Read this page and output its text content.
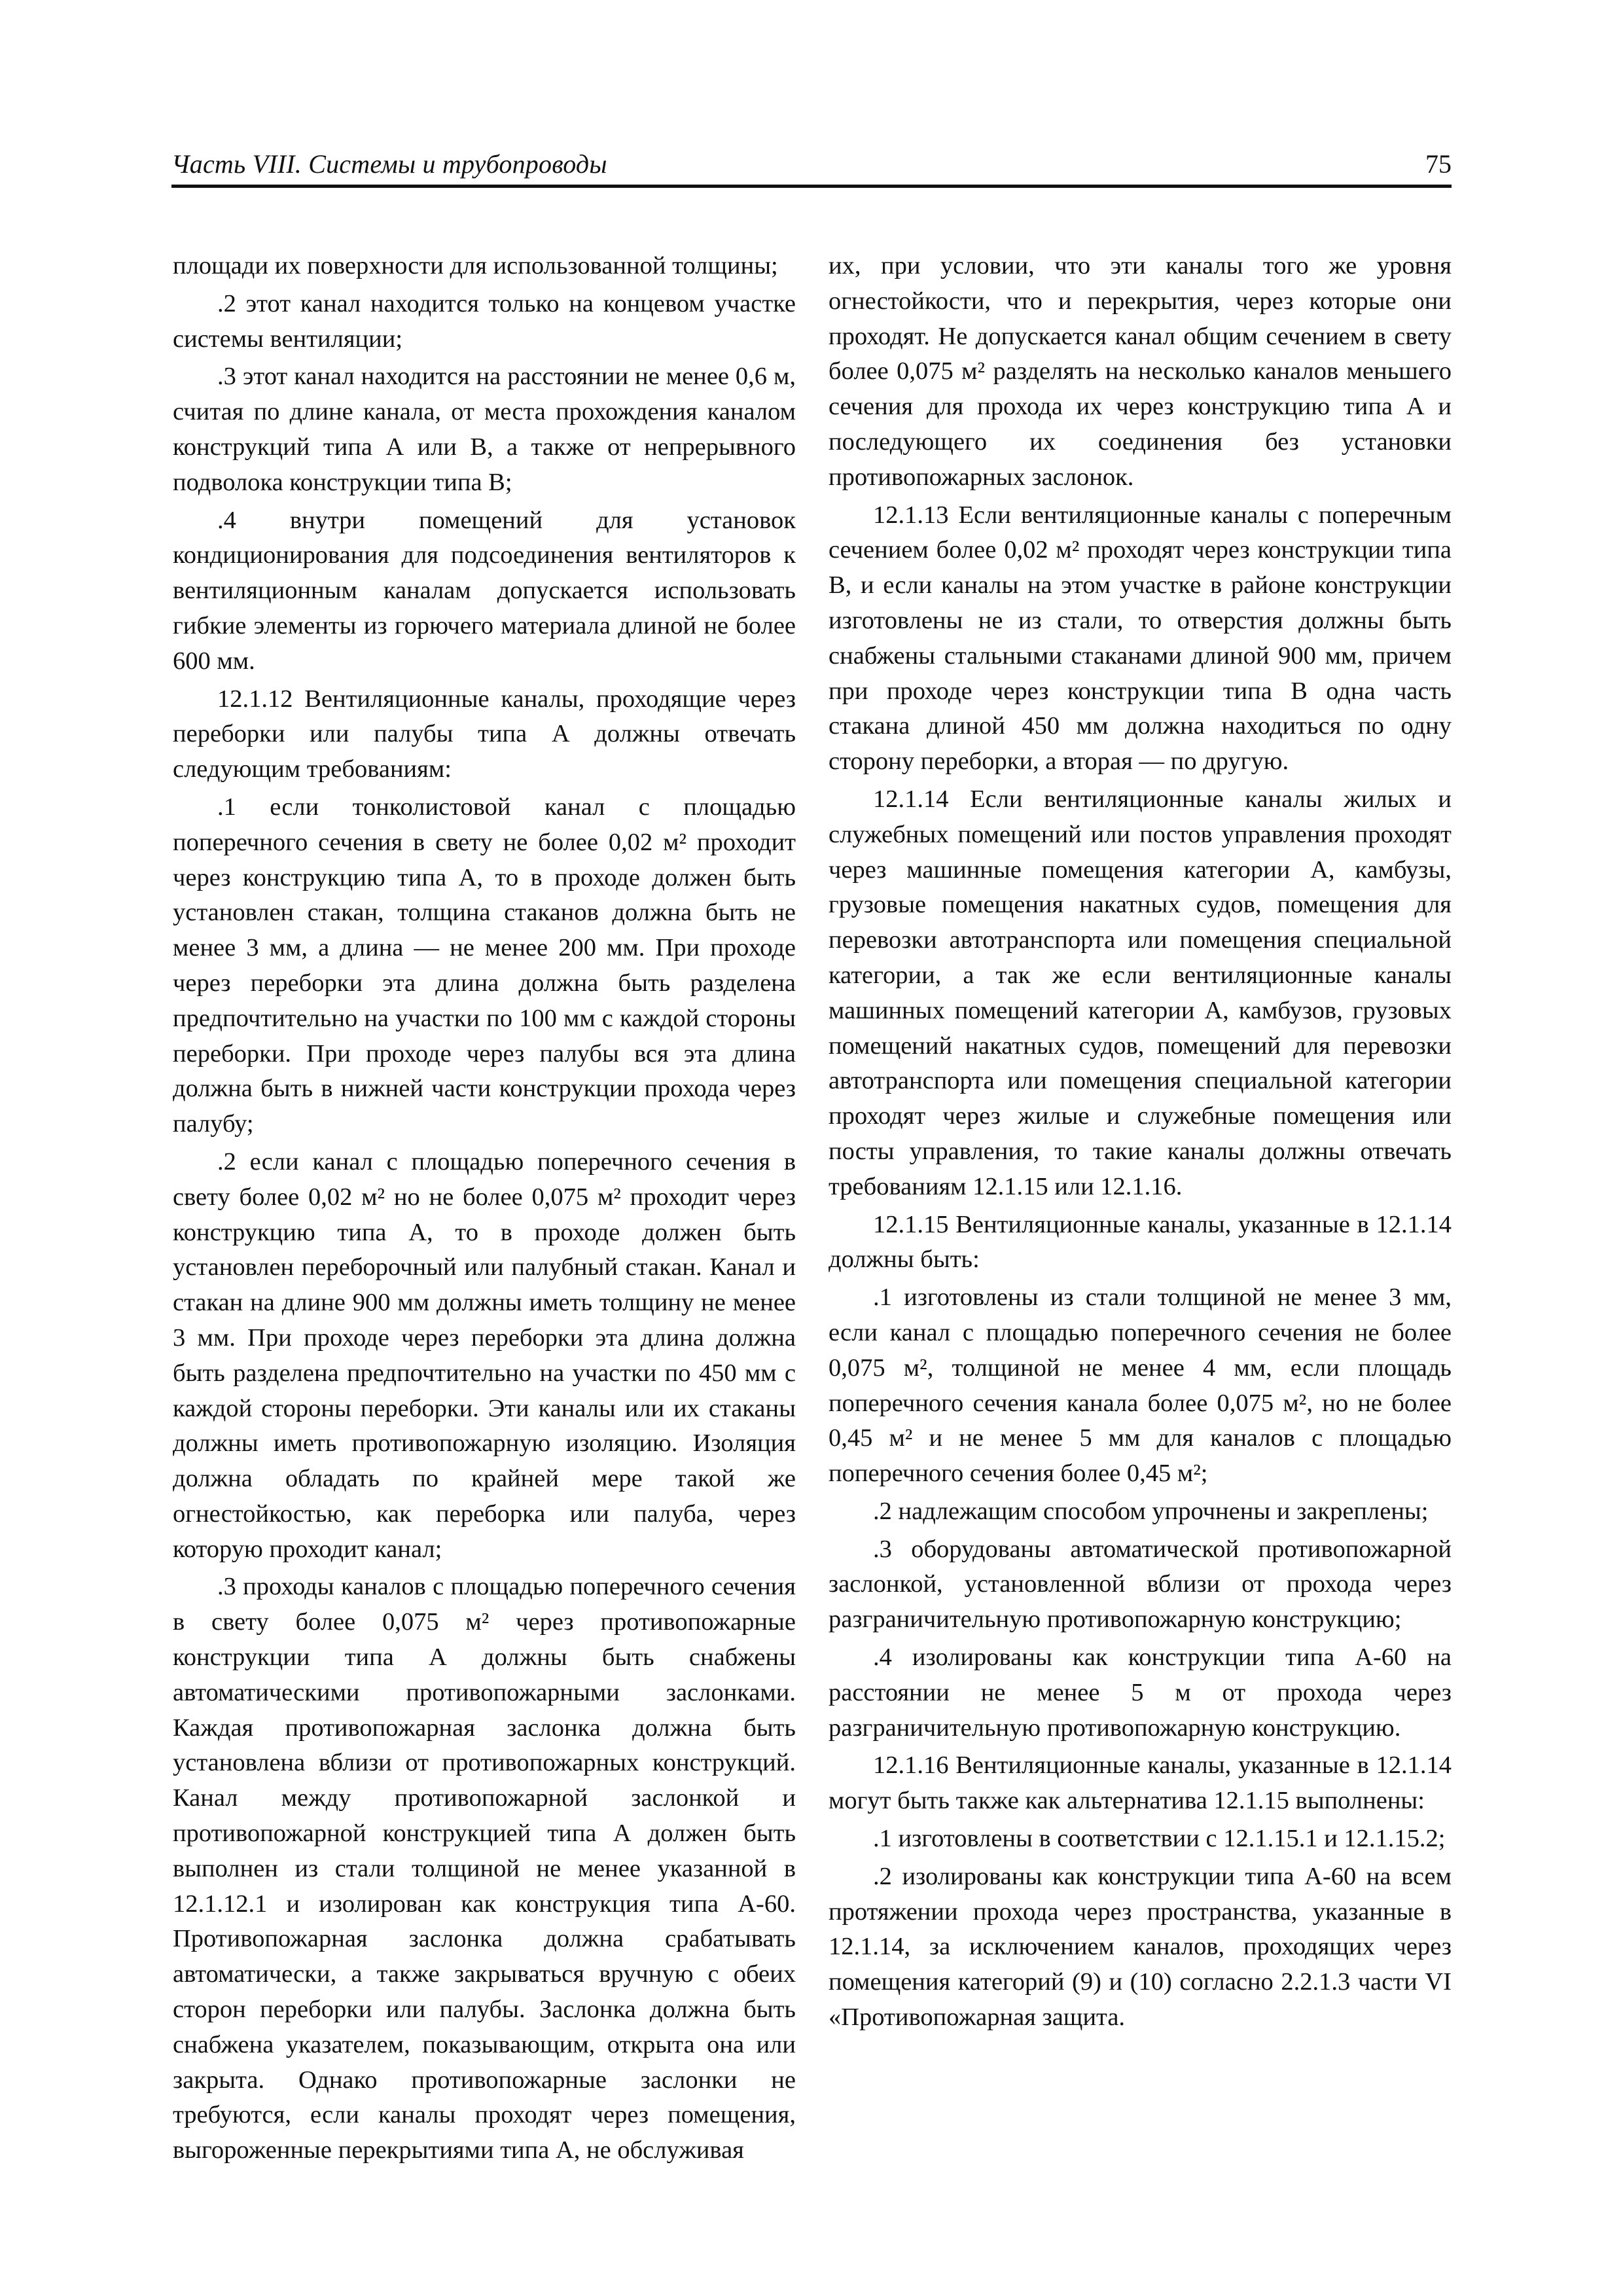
Часть VIII. Системы и трубопроводы	75

площади их поверхности для использованной толщины;

.2 этот канал находится только на концевом участке системы вентиляции;

.3 этот канал находится на расстоянии не менее 0,6 м, считая по длине канала, от места прохождения каналом конструкций типа А или В, а также от непрерывного подволока конструкции типа В;

.4 внутри помещений для установок кондиционирования для подсоединения вентиляторов к вентиляционным каналам допускается использовать гибкие элементы из горючего материала длиной не более 600 мм.

12.1.12 Вентиляционные каналы, проходящие через переборки или палубы типа А должны отвечать следующим требованиям:

.1 если тонколистовой канал с площадью поперечного сечения в свету не более 0,02 м² проходит через конструкцию типа А, то в проходе должен быть установлен стакан, толщина стаканов должна быть не менее 3 мм, а длина — не менее 200 мм. При проходе через переборки эта длина должна быть разделена предпочтительно на участки по 100 мм с каждой стороны переборки. При проходе через палубы вся эта длина должна быть в нижней части конструкции прохода через палубу;

.2 если канал с площадью поперечного сечения в свету более 0,02 м² но не более 0,075 м² проходит через конструкцию типа А, то в проходе должен быть установлен переборочный или палубный стакан. Канал и стакан на длине 900 мм должны иметь толщину не менее 3 мм. При проходе через переборки эта длина должна быть разделена предпочтительно на участки по 450 мм с каждой стороны переборки. Эти каналы или их стаканы должны иметь противопожарную изоляцию. Изоляция должна обладать по крайней мере такой же огнестойкостью, как переборка или палуба, через которую проходит канал;

.3 проходы каналов с площадью поперечного сечения в свету более 0,075 м² через противопожарные конструкции типа А должны быть снабжены автоматическими противопожарными заслонками. Каждая противопожарная заслонка должна быть установлена вблизи от противопожарных конструкций. Канал между противопожарной заслонкой и противопожарной конструкцией типа А должен быть выполнен из стали толщиной не менее указанной в 12.1.12.1 и изолирован как конструкция типа А-60. Противопожарная заслонка должна срабатывать автоматически, а также закрываться вручную с обеих сторон переборки или палубы. Заслонка должна быть снабжена указателем, показывающим, открыта она или закрыта. Однако противопожарные заслонки не требуются, если каналы проходят через помещения, выгороженные перекрытиями типа А, не обслуживая

их, при условии, что эти каналы того же уровня огнестойкости, что и перекрытия, через которые они проходят. Не допускается канал общим сечением в свету более 0,075 м² разделять на несколько каналов меньшего сечения для прохода их через конструкцию типа А и последующего их соединения без установки противопожарных заслонок.

12.1.13 Если вентиляционные каналы с поперечным сечением более 0,02 м² проходят через конструкции типа В, и если каналы на этом участке в районе конструкции изготовлены не из стали, то отверстия должны быть снабжены стальными стаканами длиной 900 мм, причем при проходе через конструкции типа В одна часть стакана длиной 450 мм должна находиться по одну сторону переборки, а вторая — по другую.

12.1.14 Если вентиляционные каналы жилых и служебных помещений или постов управления проходят через машинные помещения категории А, камбузы, грузовые помещения накатных судов, помещения для перевозки автотранспорта или помещения специальной категории, а так же если вентиляционные каналы машинных помещений категории А, камбузов, грузовых помещений накатных судов, помещений для перевозки автотранспорта или помещения специальной категории проходят через жилые и служебные помещения или посты управления, то такие каналы должны отвечать требованиям 12.1.15 или 12.1.16.

12.1.15 Вентиляционные каналы, указанные в 12.1.14 должны быть:

.1 изготовлены из стали толщиной не менее 3 мм, если канал с площадью поперечного сечения не более 0,075 м², толщиной не менее 4 мм, если площадь поперечного сечения канала более 0,075 м², но не более 0,45 м² и не менее 5 мм для каналов с площадью поперечного сечения более 0,45 м²;

.2 надлежащим способом упрочнены и закреплены;

.3 оборудованы автоматической противопожарной заслонкой, установленной вблизи от прохода через разграничительную противопожарную конструкцию;

.4 изолированы как конструкции типа А-60 на расстоянии не менее 5 м от прохода через разграничительную противопожарную конструкцию.

12.1.16 Вентиляционные каналы, указанные в 12.1.14 могут быть также как альтернатива 12.1.15 выполнены:

.1 изготовлены в соответствии с 12.1.15.1 и 12.1.15.2;

.2 изолированы как конструкции типа А-60 на всем протяжении прохода через пространства, указанные в 12.1.14, за исключением каналов, проходящих через помещения категорий (9) и (10) согласно 2.2.1.3 части VI «Противопожарная защита.
